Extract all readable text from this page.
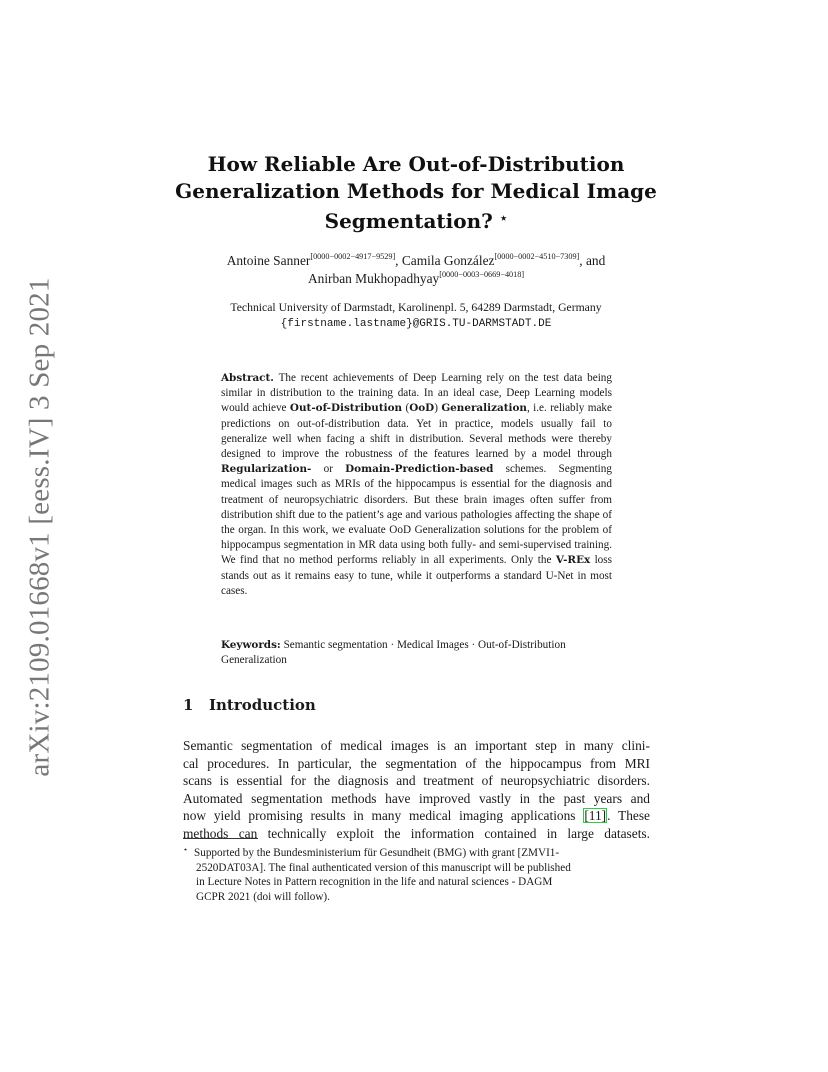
arXiv:2109.01668v1 [eess.IV] 3 Sep 2021
How Reliable Are Out-of-Distribution
Generalization Methods for Medical Image
Segmentation? ⋆
Antoine Sanner[0000−0002−4917−9529], Camila González[0000−0002−4510−7309], and
Anirban Mukhopadhyay[0000−0003−0669−4018]
Technical University of Darmstadt, Karolinenpl. 5, 64289 Darmstadt, Germany
{firstname.lastname}@GRIS.TU-DARMSTADT.DE
Abstract. The recent achievements of Deep Learning rely on the test data being similar in distribution to the training data. In an ideal case, Deep Learning models would achieve Out-of-Distribution (OoD) Generalization, i.e. reliably make predictions on out-of-distribution data. Yet in practice, models usually fail to generalize well when facing a shift in distribution. Several methods were thereby designed to improve the robustness of the features learned by a model through Regularization- or Domain-Prediction-based schemes. Segmenting medical images such as MRIs of the hippocampus is essential for the diagnosis and treatment of neuropsychiatric disorders. But these brain images often suffer from distribution shift due to the patient’s age and various pathologies affecting the shape of the organ. In this work, we evaluate OoD Generalization solutions for the problem of hippocampus segmentation in MR data using both fully- and semi-supervised training. We find that no method performs reliably in all experiments. Only the V-REx loss stands out as it remains easy to tune, while it outperforms a standard U-Net in most cases.
Keywords: Semantic segmentation · Medical Images · Out-of-Distribution Generalization
1 Introduction
Semantic segmentation of medical images is an important step in many clini-
cal procedures. In particular, the segmentation of the hippocampus from MRI
scans is essential for the diagnosis and treatment of neuropsychiatric disorders.
Automated segmentation methods have improved vastly in the past years and
now yield promising results in many medical imaging applications [11]. These
methods can technically exploit the information contained in large datasets.
⋆ Supported by the Bundesministerium für Gesundheit (BMG) with grant [ZMVI1-
2520DAT03A]. The final authenticated version of this manuscript will be published
in Lecture Notes in Pattern recognition in the life and natural sciences - DAGM
GCPR 2021 (doi will follow).
